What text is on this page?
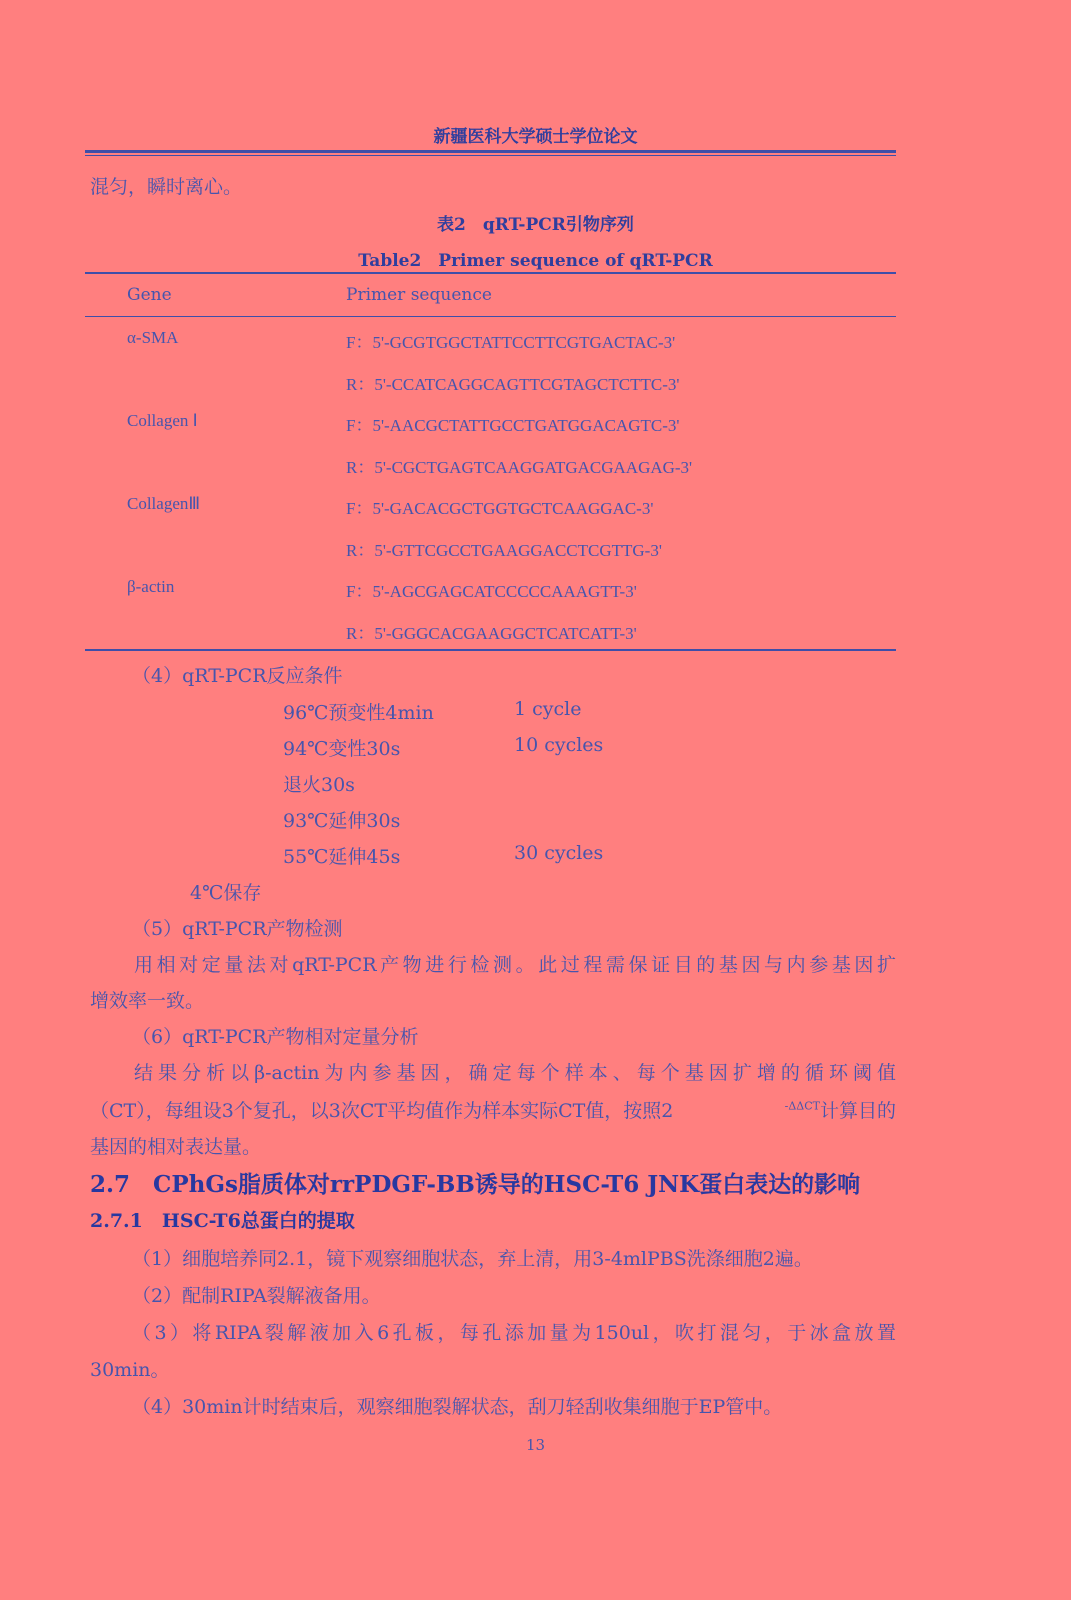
新疆医科大学硕士学位论文
混匀，瞬时离心。
表2　qRT-PCR引物序列
Table2　Primer sequence of qRT-PCR
Gene	Primer sequence
α-SMA	F：5'-GCGTGGCTATTCCTTCGTGACTAC-3'
R：5'-CCATCAGGCAGTTCGTAGCTCTTC-3'
Collagen Ⅰ	F：5'-AACGCTATTGCCTGATGGACAGTC-3'
R：5'-CGCTGAGTCAAGGATGACGAAGAG-3'
CollagenⅢ	F：5'-GACACGCTGGTGCTCAAGGAC-3'
R：5'-GTTCGCCTGAAGGACCTCGTTG-3'
β-actin	F：5'-AGCGAGCATCCCCCAAAGTT-3'
R：5'-GGGCACGAAGGCTCATCATT-3'
（4）qRT-PCR反应条件
96℃预变性4min	1 cycle
94℃变性30s	10 cycles
退火30s
93℃延伸30s
55℃延伸45s	30 cycles
4℃保存
（5）qRT-PCR产物检测
用相对定量法对qRT-PCR产物进行检测。此过程需保证目的基因与内参基因扩
增效率一致。
（6）qRT-PCR产物相对定量分析
结果分析以β-actin为内参基因，确定每个样本、每个基因扩增的循环阈值
（CT），每组设3个复孔，以3次CT平均值作为样本实际CT值，按照2	$^{-\Delta\Delta CT}$计算目的
基因的相对表达量。
2.7　CPhGs脂质体对rrPDGF-BB诱导的HSC-T6 JNK蛋白表达的影响
2.7.1　HSC-T6总蛋白的提取
（1）细胞培养同2.1，镜下观察细胞状态，弃上清，用3-4mlPBS洗涤细胞2遍。
（2）配制RIPA裂解液备用。
（3）将RIPA裂解液加入6孔板，每孔添加量为150ul，吹打混匀，于冰盒放置
30min。
（4）30min计时结束后，观察细胞裂解状态，刮刀轻刮收集细胞于EP管中。
13
